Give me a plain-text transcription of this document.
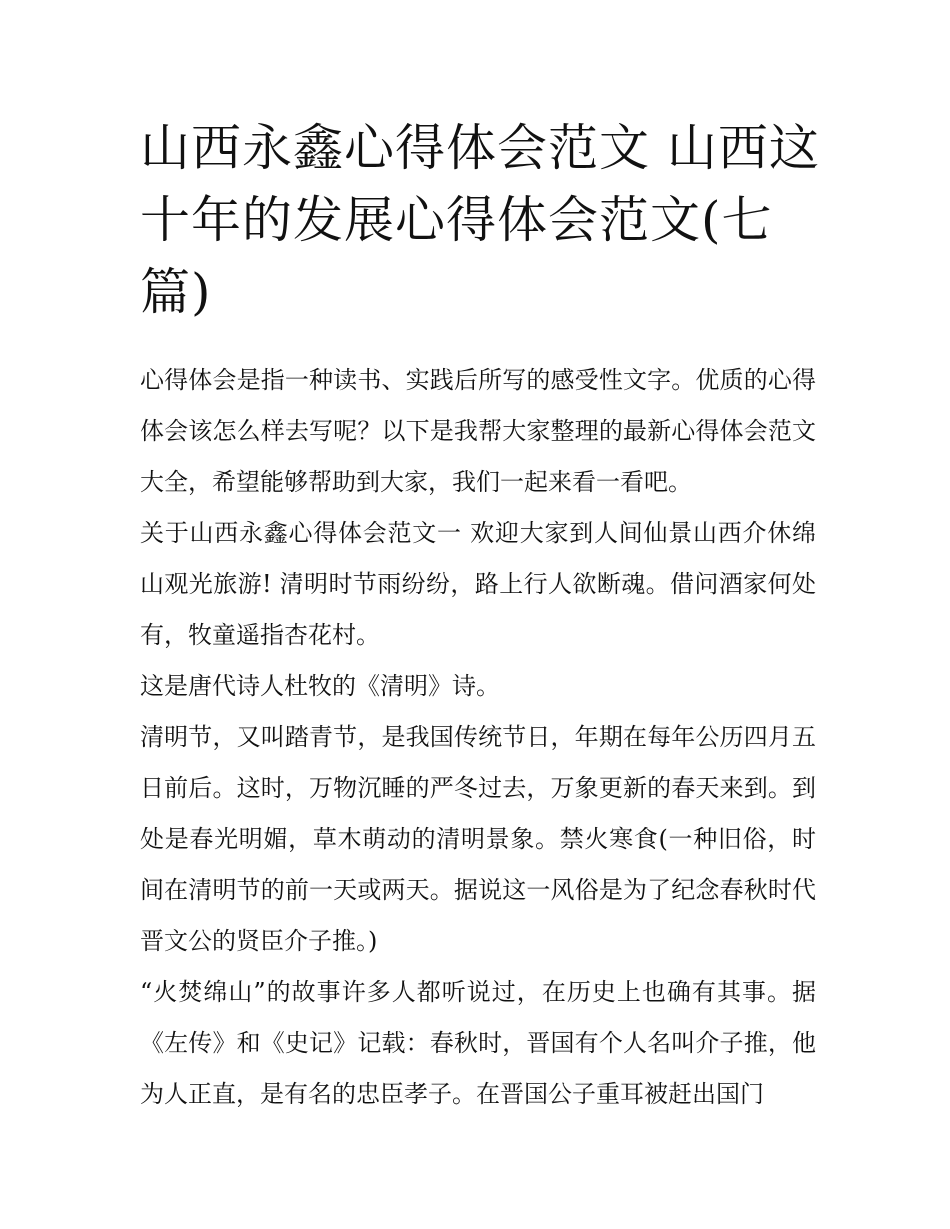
山西永鑫心得体会范文 山西这十年的发展心得体会范文(七篇)

心得体会是指一种读书、实践后所写的感受性文字。优质的心得体会该怎么样去写呢？以下是我帮大家整理的最新心得体会范文大全，希望能够帮助到大家，我们一起来看一看吧。

关于山西永鑫心得体会范文一 欢迎大家到人间仙景山西介休绵山观光旅游! 清明时节雨纷纷，路上行人欲断魂。借问酒家何处有，牧童遥指杏花村。

这是唐代诗人杜牧的《清明》诗。

清明节，又叫踏青节，是我国传统节日，年期在每年公历四月五日前后。这时，万物沉睡的严冬过去，万象更新的春天来到。到处是春光明媚，草木萌动的清明景象。禁火寒食(一种旧俗，时间在清明节的前一天或两天。据说这一风俗是为了纪念春秋时代晋文公的贤臣介子推。)

“火焚绵山”的故事许多人都听说过，在历史上也确有其事。据《左传》和《史记》记载：春秋时，晋国有个人名叫介子推，他为人正直，是有名的忠臣孝子。在晋国公子重耳被赶出国门
